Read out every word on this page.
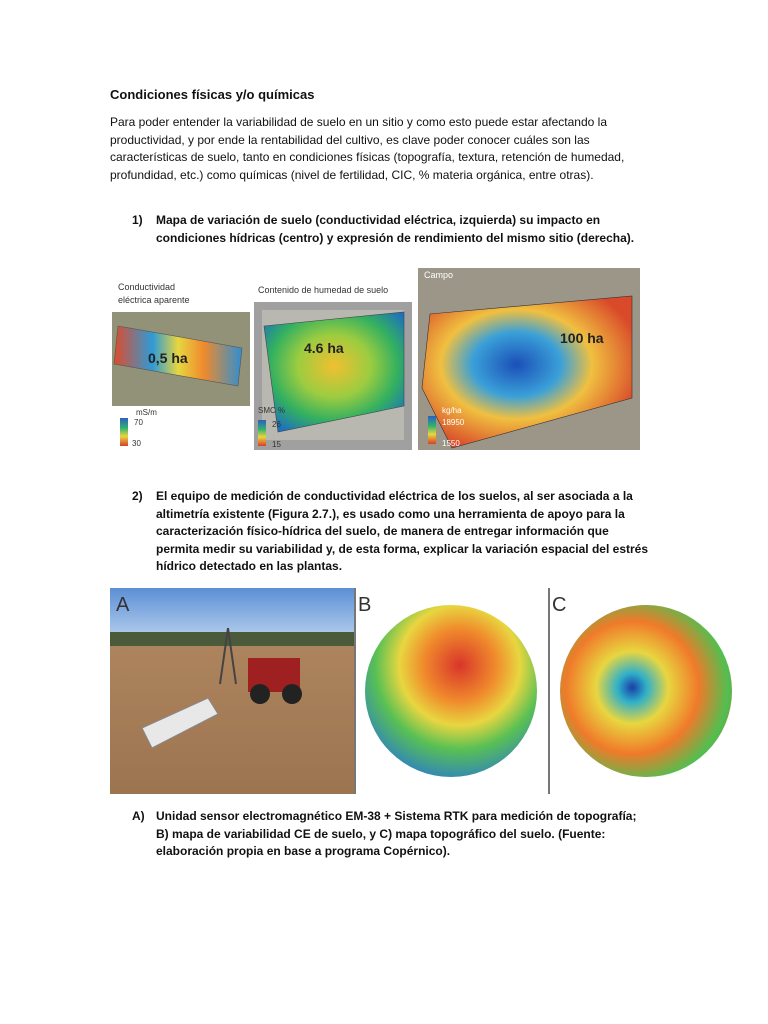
Condiciones físicas y/o químicas
Para poder entender la variabilidad de suelo en un sitio y como esto puede estar afectando la productividad, y por ende la rentabilidad del cultivo, es clave poder conocer cuáles son las características de suelo, tanto en condiciones físicas (topografía, textura, retención de humedad, profundidad, etc.) como químicas (nivel de fertilidad, CIC, % materia orgánica, entre otras).
1) Mapa de variación de suelo (conductividad eléctrica, izquierda) su impacto en
condiciones hídricas (centro) y expresión de rendimiento del mismo sitio (derecha).
Conductividad
eléctrica aparente
0,5 ha
mS/m
70
30
Contenido de humedad de suelo
4.6 ha
SMC %
26
15
Campo
100 ha
kg/ha
18950
1550
2) El equipo de medición de conductividad eléctrica de los suelos, al ser asociada a la
altimetría existente (Figura 2.7.), es usado como una herramienta de apoyo para la
caracterización físico-hídrica del suelo, de manera de entregar información que
permita medir su variabilidad y, de esta forma, explicar la variación espacial del estrés
hídrico detectado en las plantas.
A	B	C
A) Unidad sensor electromagnético EM-38 + Sistema RTK para medición de topografía;
B) mapa de variabilidad CE de suelo, y C) mapa topográfico del suelo. (Fuente:
elaboración propia en base a programa Copérnico).
